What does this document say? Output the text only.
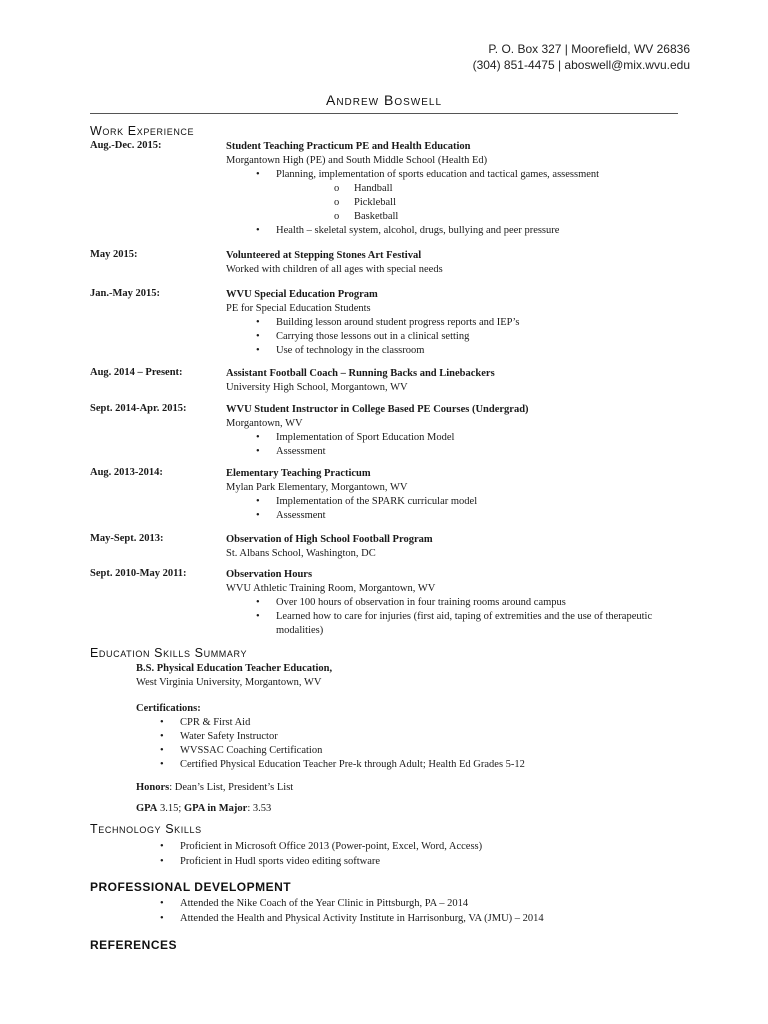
P. O. Box 327 | Moorefield, WV 26836
(304) 851-4475 | aboswell@mix.wvu.edu
Andrew Boswell
Work Experience
Aug.-Dec. 2015:	Student Teaching Practicum PE and Health Education
Morgantown High (PE) and South Middle School (Health Ed)
• Planning, implementation of sports education and tactical games, assessment
o Handball
o Pickleball
o Basketball
• Health – skeletal system, alcohol, drugs, bullying and peer pressure
May 2015:	Volunteered at Stepping Stones Art Festival
Worked with children of all ages with special needs
Jan.-May 2015:	WVU Special Education Program
PE for Special Education Students
• Building lesson around student progress reports and IEP’s
• Carrying those lessons out in a clinical setting
• Use of technology in the classroom
Aug. 2014 – Present:	Assistant Football Coach – Running Backs and Linebackers
University High School, Morgantown, WV
Sept. 2014-Apr. 2015:	WVU Student Instructor in College Based PE Courses (Undergrad)
Morgantown, WV
• Implementation of Sport Education Model
• Assessment
Aug. 2013-2014:	Elementary Teaching Practicum
Mylan Park Elementary, Morgantown, WV
• Implementation of the SPARK curricular model
• Assessment
May-Sept. 2013:	Observation of High School Football Program
St. Albans School, Washington, DC
Sept. 2010-May 2011:	Observation Hours
WVU Athletic Training Room, Morgantown, WV
• Over 100 hours of observation in four training rooms around campus
• Learned how to care for injuries (first aid, taping of extremities and the use of therapeutic modalities)
Education Skills Summary
B.S. Physical Education Teacher Education,
West Virginia University, Morgantown, WV
Certifications:
• CPR & First Aid
• Water Safety Instructor
• WVSSAC Coaching Certification
• Certified Physical Education Teacher Pre-k through Adult; Health Ed Grades 5-12
Honors: Dean’s List, President’s List
GPA 3.15; GPA in Major: 3.53
Technology Skills
• Proficient in Microsoft Office 2013 (Power-point, Excel, Word, Access)
• Proficient in Hudl sports video editing software
PROFESSIONAL DEVELOPMENT
• Attended the Nike Coach of the Year Clinic in Pittsburgh, PA – 2014
• Attended the Health and Physical Activity Institute in Harrisonburg, VA (JMU) – 2014
REFERENCES
